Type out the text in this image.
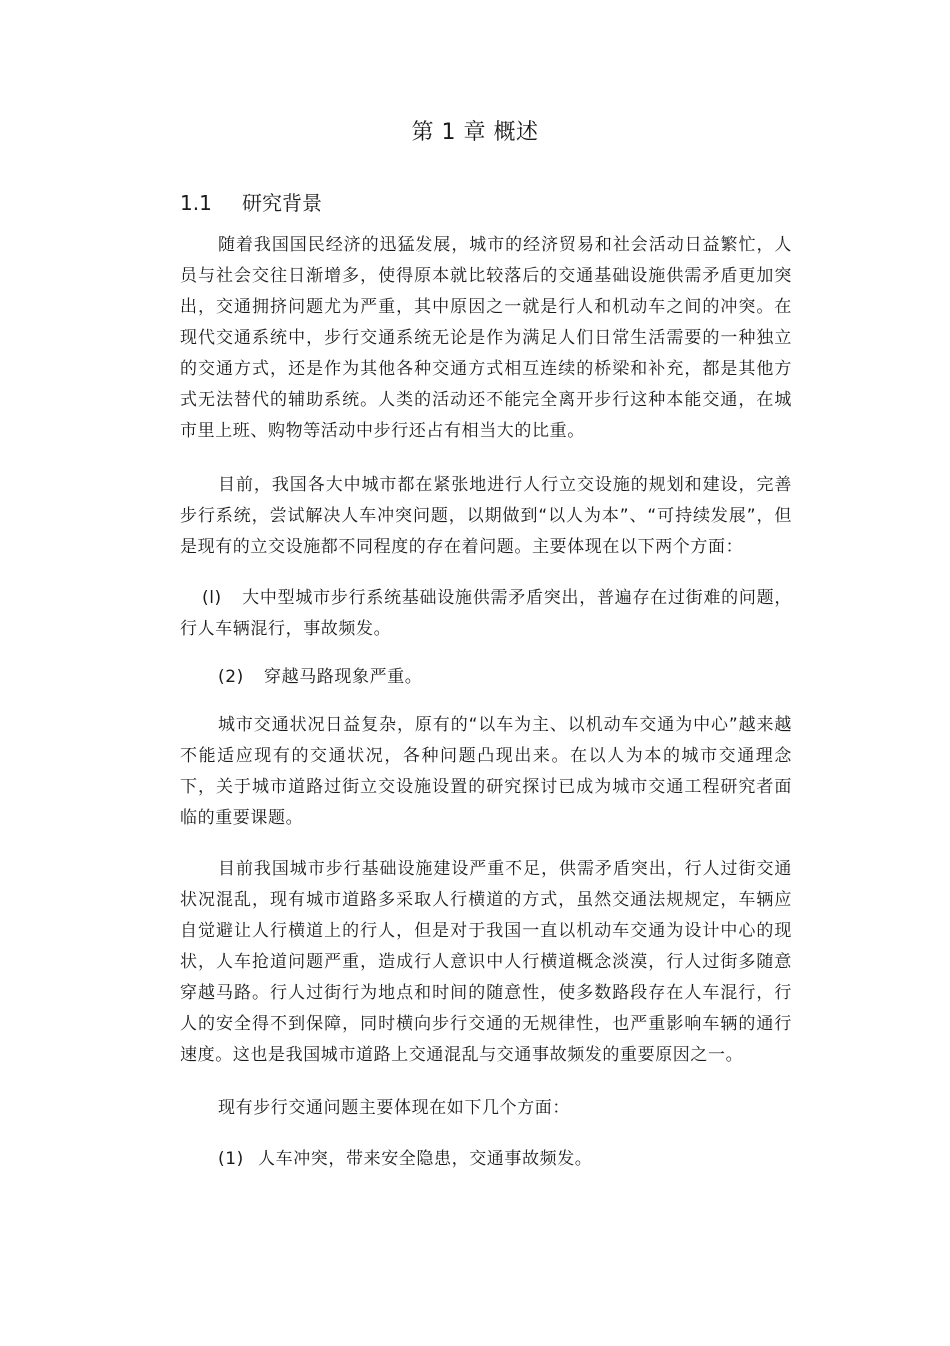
第 1 章 概述
1.1	研究背景

随着我国国民经济的迅猛发展，城市的经济贸易和社会活动日益繁忙，人员与社会交往日渐增多，使得原本就比较落后的交通基础设施供需矛盾更加突出，交通拥挤问题尤为严重，其中原因之一就是行人和机动车之间的冲突。在现代交通系统中，步行交通系统无论是作为满足人们日常生活需要的一种独立的交通方式，还是作为其他各种交通方式相互连续的桥梁和补充，都是其他方式无法替代的辅助系统。人类的活动还不能完全离开步行这种本能交通，在城市里上班、购物等活动中步行还占有相当大的比重。

目前，我国各大中城市都在紧张地进行人行立交设施的规划和建设，完善步行系统，尝试解决人车冲突问题，以期做到“以人为本”、“可持续发展”，但是现有的立交设施都不同程度的存在着问题。主要体现在以下两个方面：

(l) 大中型城市步行系统基础设施供需矛盾突出，普遍存在过街难的问题，行人车辆混行，事故频发。

(2) 穿越马路现象严重。

城市交通状况日益复杂，原有的“以车为主、以机动车交通为中心”越来越不能适应现有的交通状况，各种问题凸现出来。在以人为本的城市交通理念下，关于城市道路过街立交设施设置的研究探讨已成为城市交通工程研究者面临的重要课题。

目前我国城市步行基础设施建设严重不足，供需矛盾突出，行人过街交通状况混乱，现有城市道路多采取人行横道的方式，虽然交通法规规定，车辆应自觉避让人行横道上的行人，但是对于我国一直以机动车交通为设计中心的现状，人车抢道问题严重，造成行人意识中人行横道概念淡漠，行人过街多随意穿越马路。行人过街行为地点和时间的随意性，使多数路段存在人车混行，行人的安全得不到保障，同时横向步行交通的无规律性，也严重影响车辆的通行速度。这也是我国城市道路上交通混乱与交通事故频发的重要原因之一。

现有步行交通问题主要体现在如下几个方面：

(1) 人车冲突，带来安全隐患，交通事故频发。
